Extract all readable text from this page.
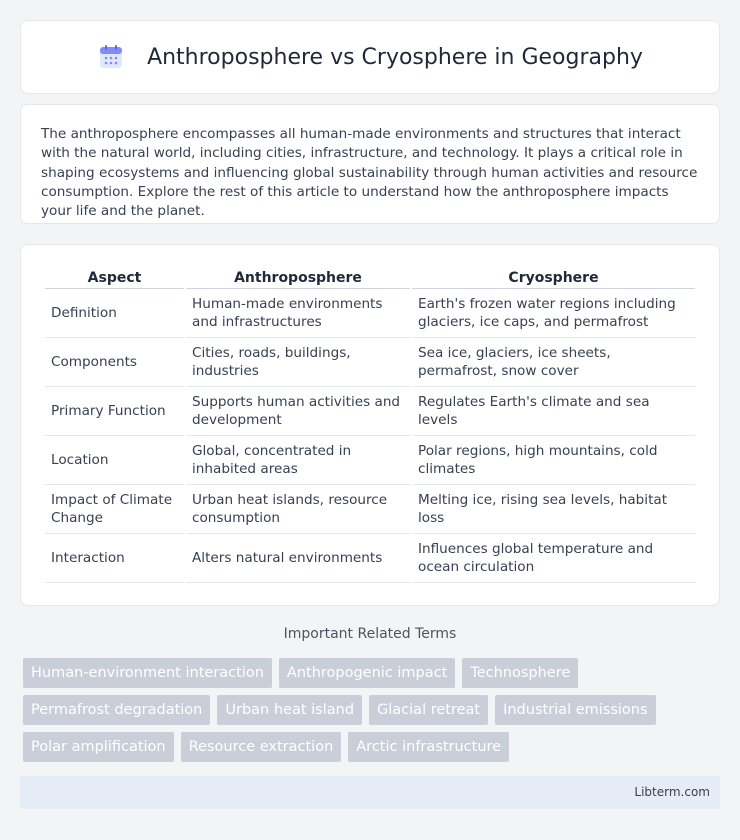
Anthroposphere vs Cryosphere in Geography

The anthroposphere encompasses all human-made environments and structures that interact with the natural world, including cities, infrastructure, and technology. It plays a critical role in shaping ecosystems and influencing global sustainability through human activities and resource consumption. Explore the rest of this article to understand how the anthroposphere impacts your life and the planet.

Aspect	Anthroposphere	Cryosphere
Definition	Human-made environments and infrastructures	Earth's frozen water regions including glaciers, ice caps, and permafrost
Components	Cities, roads, buildings, industries	Sea ice, glaciers, ice sheets, permafrost, snow cover
Primary Function	Supports human activities and development	Regulates Earth's climate and sea levels
Location	Global, concentrated in inhabited areas	Polar regions, high mountains, cold climates
Impact of Climate Change	Urban heat islands, resource consumption	Melting ice, rising sea levels, habitat loss
Interaction	Alters natural environments	Influences global temperature and ocean circulation
Important Related Terms
Human-environment interaction	Anthropogenic impact	Technosphere
Permafrost degradation	Urban heat island	Glacial retreat	Industrial emissions
Polar amplification	Resource extraction	Arctic infrastructure
Libterm.com
